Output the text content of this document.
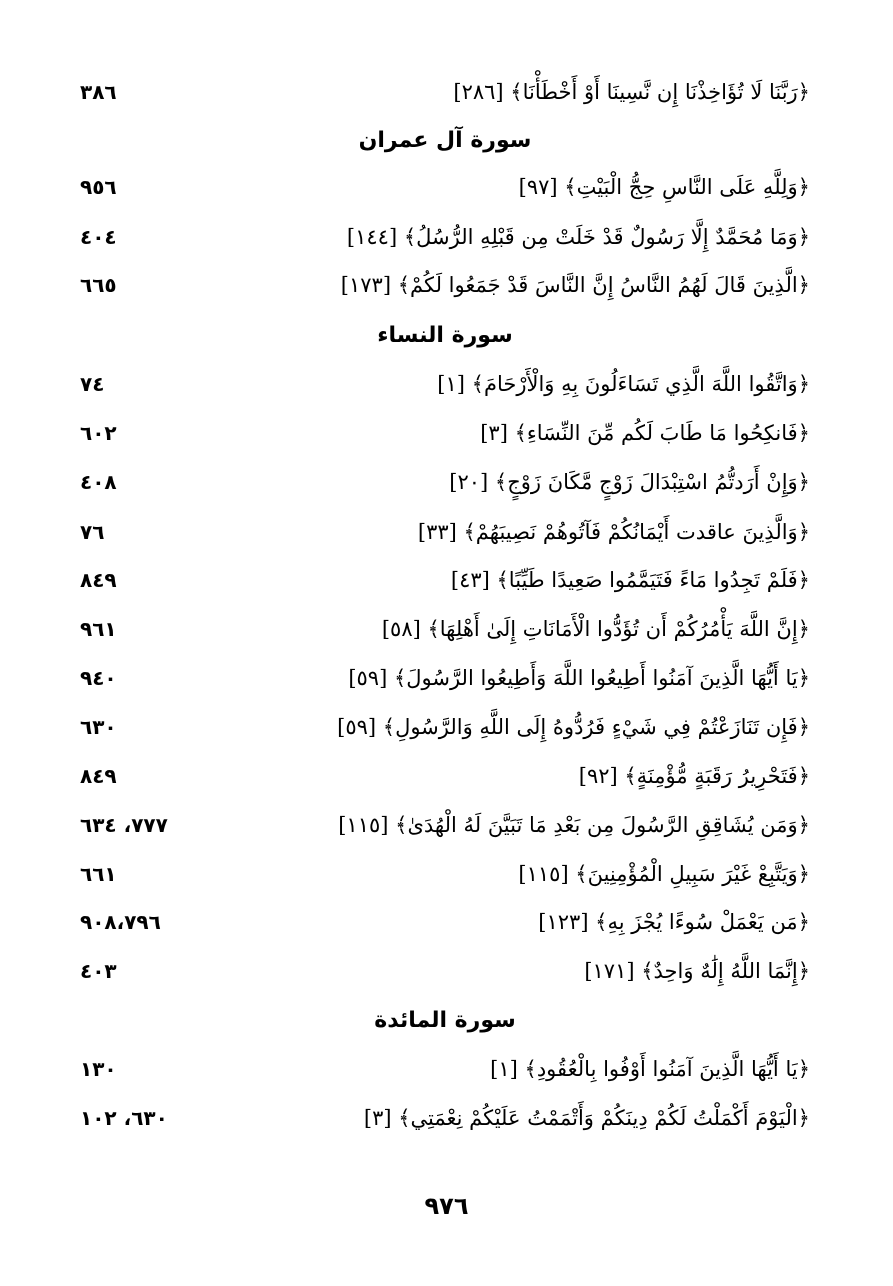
﴿رَبَّنَا لَا تُؤَاخِذْنَا إِن نَّسِينَا أَوْ أَخْطَأْنَا﴾ [٢٨٦]
٣٨٦
سورة آل عمران
﴿وَلِلَّهِ عَلَى النَّاسِ حِجُّ الْبَيْتِ﴾ [٩٧]
٩٥٦
﴿وَمَا مُحَمَّدٌ إِلَّا رَسُولٌ قَدْ خَلَتْ مِن قَبْلِهِ الرُّسُلُ﴾ [١٤٤]
٤٠٤
﴿الَّذِينَ قَالَ لَهُمُ النَّاسُ إِنَّ النَّاسَ قَدْ جَمَعُوا لَكُمْ﴾ [١٧٣]
٦٦٥
سورة النساء
﴿وَاتَّقُوا اللَّهَ الَّذِي تَسَاءَلُونَ بِهِ وَالْأَرْحَامَ﴾ [١]
٧٤
﴿فَانكِحُوا مَا طَابَ لَكُم مِّنَ النِّسَاءِ﴾ [٣]
٦٠٢
﴿وَإِنْ أَرَدتُّمُ اسْتِبْدَالَ زَوْجٍ مَّكَانَ زَوْجٍ﴾ [٢٠]
٤٠٨
﴿وَالَّذِينَ عاقدت أَيْمَانُكُمْ فَآتُوهُمْ نَصِيبَهُمْ﴾ [٣٣]
٧٦
﴿فَلَمْ تَجِدُوا مَاءً فَتَيَمَّمُوا صَعِيدًا طَيِّبًا﴾ [٤٣]
٨٤٩
﴿إِنَّ اللَّهَ يَأْمُرُكُمْ أَن تُؤَدُّوا الْأَمَانَاتِ إِلَىٰ أَهْلِهَا﴾ [٥٨]
٩٦١
﴿يَا أَيُّهَا الَّذِينَ آمَنُوا أَطِيعُوا اللَّهَ وَأَطِيعُوا الرَّسُولَ﴾ [٥٩]
٩٤٠
﴿فَإِن تَنَازَعْتُمْ فِي شَيْءٍ فَرُدُّوهُ إِلَى اللَّهِ وَالرَّسُولِ﴾ [٥٩]
٦٣٠
﴿فَتَحْرِيرُ رَقَبَةٍ مُّؤْمِنَةٍ﴾ [٩٢]
٨٤٩
﴿وَمَن يُشَاقِقِ الرَّسُولَ مِن بَعْدِ مَا تَبَيَّنَ لَهُ الْهُدَىٰ﴾ [١١٥]
٧٧٧، ٦٣٤
﴿وَيَتَّبِعْ غَيْرَ سَبِيلِ الْمُؤْمِنِينَ﴾ [١١٥]
٦٦١
﴿مَن يَعْمَلْ سُوءًا يُجْزَ بِهِ﴾ [١٢٣]
٩٠٨،٧٩٦
﴿إِنَّمَا اللَّهُ إِلَٰهٌ وَاحِدٌ﴾ [١٧١]
٤٠٣
سورة المائدة
﴿يَا أَيُّهَا الَّذِينَ آمَنُوا أَوْفُوا بِالْعُقُودِ﴾ [١]
١٣٠
﴿الْيَوْمَ أَكْمَلْتُ لَكُمْ دِينَكُمْ وَأَتْمَمْتُ عَلَيْكُمْ نِعْمَتِي﴾ [٣]
٦٣٠، ١٠٢
٩٧٦
